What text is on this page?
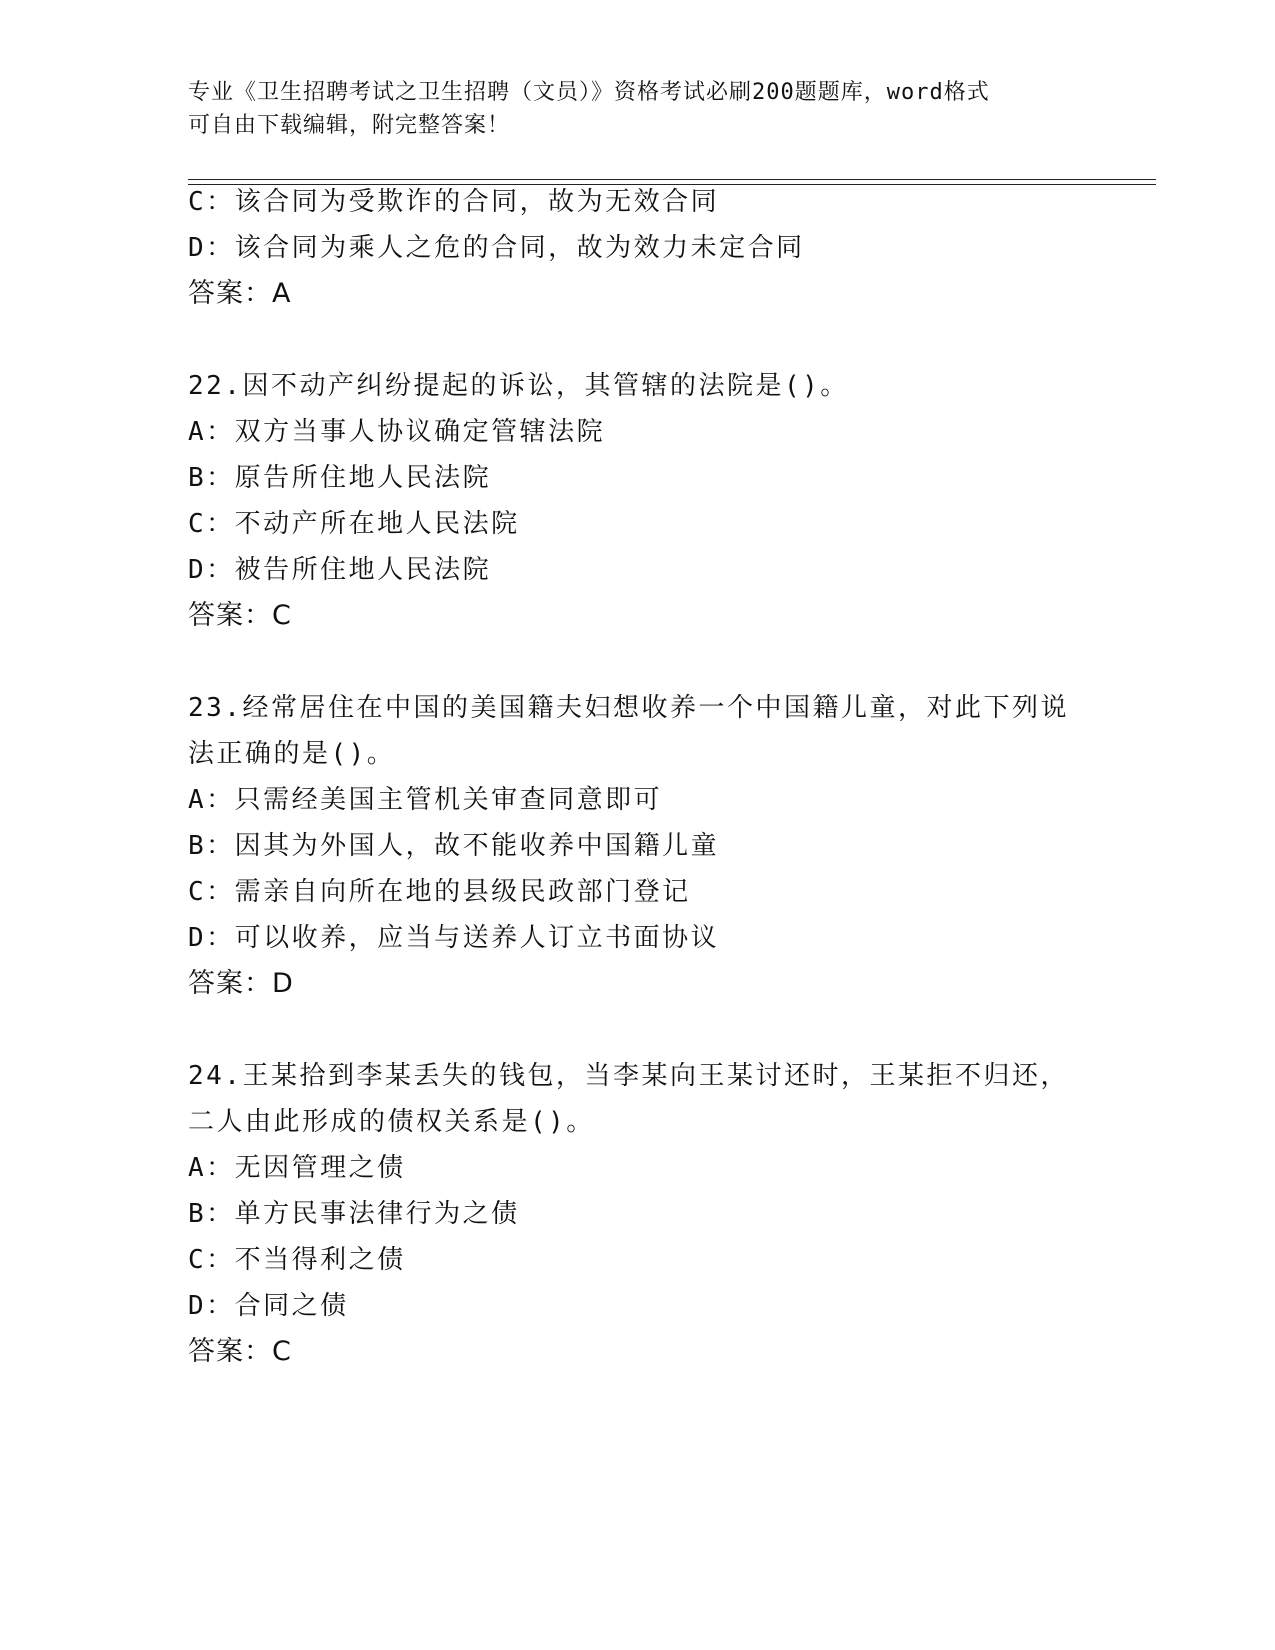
专业《卫生招聘考试之卫生招聘（文员）》资格考试必刷200题题库，word格式
可自由下载编辑，附完整答案！
C：该合同为受欺诈的合同，故为无效合同
D：该合同为乘人之危的合同，故为效力未定合同
答案：A
22.因不动产纠纷提起的诉讼，其管辖的法院是()。
A：双方当事人协议确定管辖法院
B：原告所住地人民法院
C：不动产所在地人民法院
D：被告所住地人民法院
答案：C
23.经常居住在中国的美国籍夫妇想收养一个中国籍儿童，对此下列说
法正确的是()。
A：只需经美国主管机关审查同意即可
B：因其为外国人，故不能收养中国籍儿童
C：需亲自向所在地的县级民政部门登记
D：可以收养，应当与送养人订立书面协议
答案：D
24.王某拾到李某丢失的钱包，当李某向王某讨还时，王某拒不归还，
二人由此形成的债权关系是()。
A：无因管理之债
B：单方民事法律行为之债
C：不当得利之债
D：合同之债
答案：C
